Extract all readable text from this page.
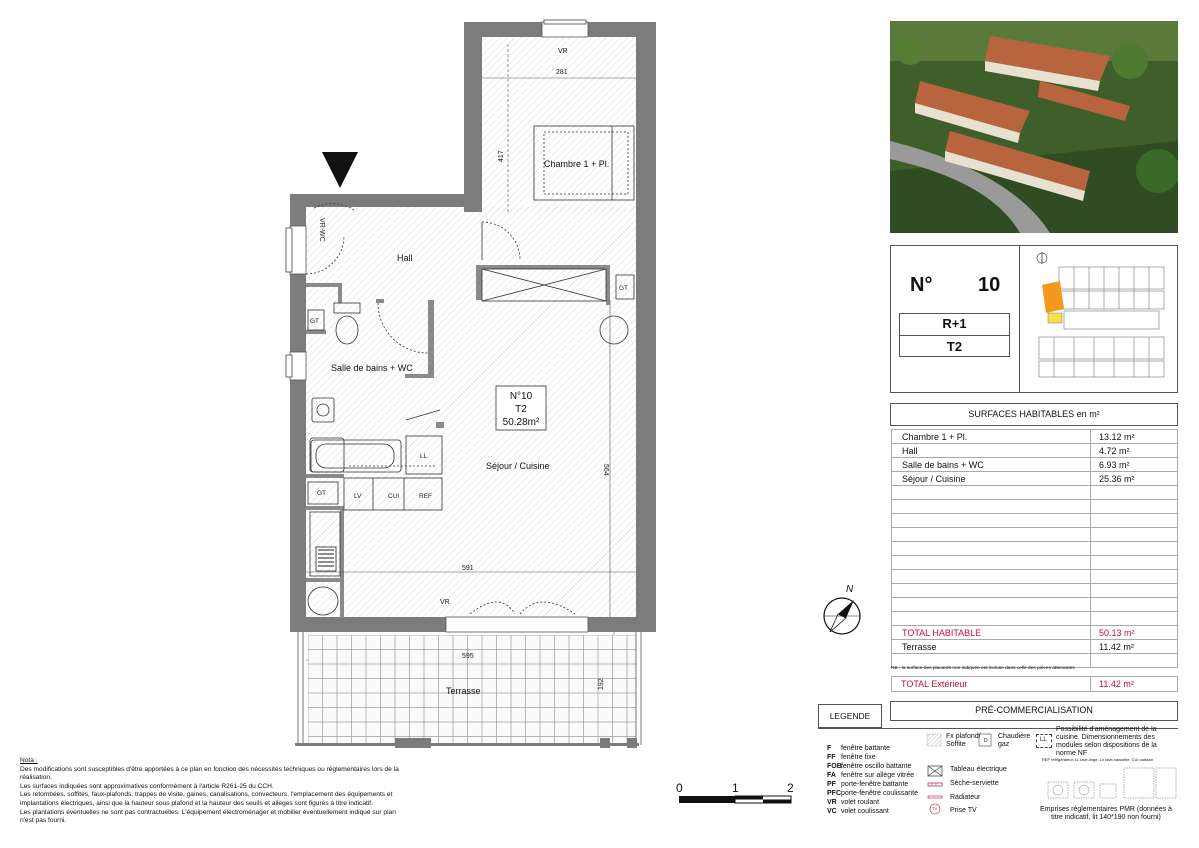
Chambre 1 + Pl.
Hall
Salle de bains + WC
Séjour / Cuisine
Terrasse
N°10
T2
50.28m²
281
417
564
591
595
192
VR
VR
VR-WC
GT
GT
GT
LL
LV	CUI	REF
N° 10
R+1
T2
SURFACES HABITABLES en m²
Chambre 1 + Pl.	13.12 m²
Hall	4.72 m²
Salle de bains + WC	6.93 m²
Séjour / Cuisine	25.36 m²

TOTAL HABITABLE	50.13 m²
Terrasse	11.42 m²

NB : la surface des placards non indiquée est incluse dans celle des pièces attenantes
TOTAL Extérieur	11.42 m²
LEGENDE
PRÉ-COMMERCIALISATION
F fenêtre battante
FF fenêtre fixe
FOB fenêtre oscillo battante
FA fenêtre sur allège vitrée
PF porte-fenêtre battante
PFC porte-fenêtre coulissante
VR volet roulant
VC volet coulissant
D
TV
Fx plafond/ Soffite
Chaudière gaz
Tableau électrique
Sèche-serviette
Radiateur
Prise TV
LL
Possibilité d'aménagement de la cuisine. Dimensionnements des modules selon dispositions de la norme NF
REF réfrigérateur, LL lave-linge, LV lave-vaisselle, CUI caisson
Emprises réglementaires PMR (données à titre indicatif, lit 140*190 non fourni)
0	1	2
N
Nota :
Des modifications sont susceptibles d'être apportées à ce plan en fonction des nécessités techniques ou réglementaires lors de la réalisation.
Les surfaces indiquées sont approximatives conformément à l'article R261-25 du CCH.
Les retombées, soffites, faux-plafonds, trappes de visite, gaines, canalisations, convecteurs, l'emplacement des équipements et implantations électriques, ainsi que la hauteur sous plafond et la hauteur des seuils et allèges sont figurés à titre indicatif.
Les plantations éventuelles ne sont pas contractuelles. L'équipement électroménager et mobilier éventuellement indiqué sur plan n'est pas fourni.
